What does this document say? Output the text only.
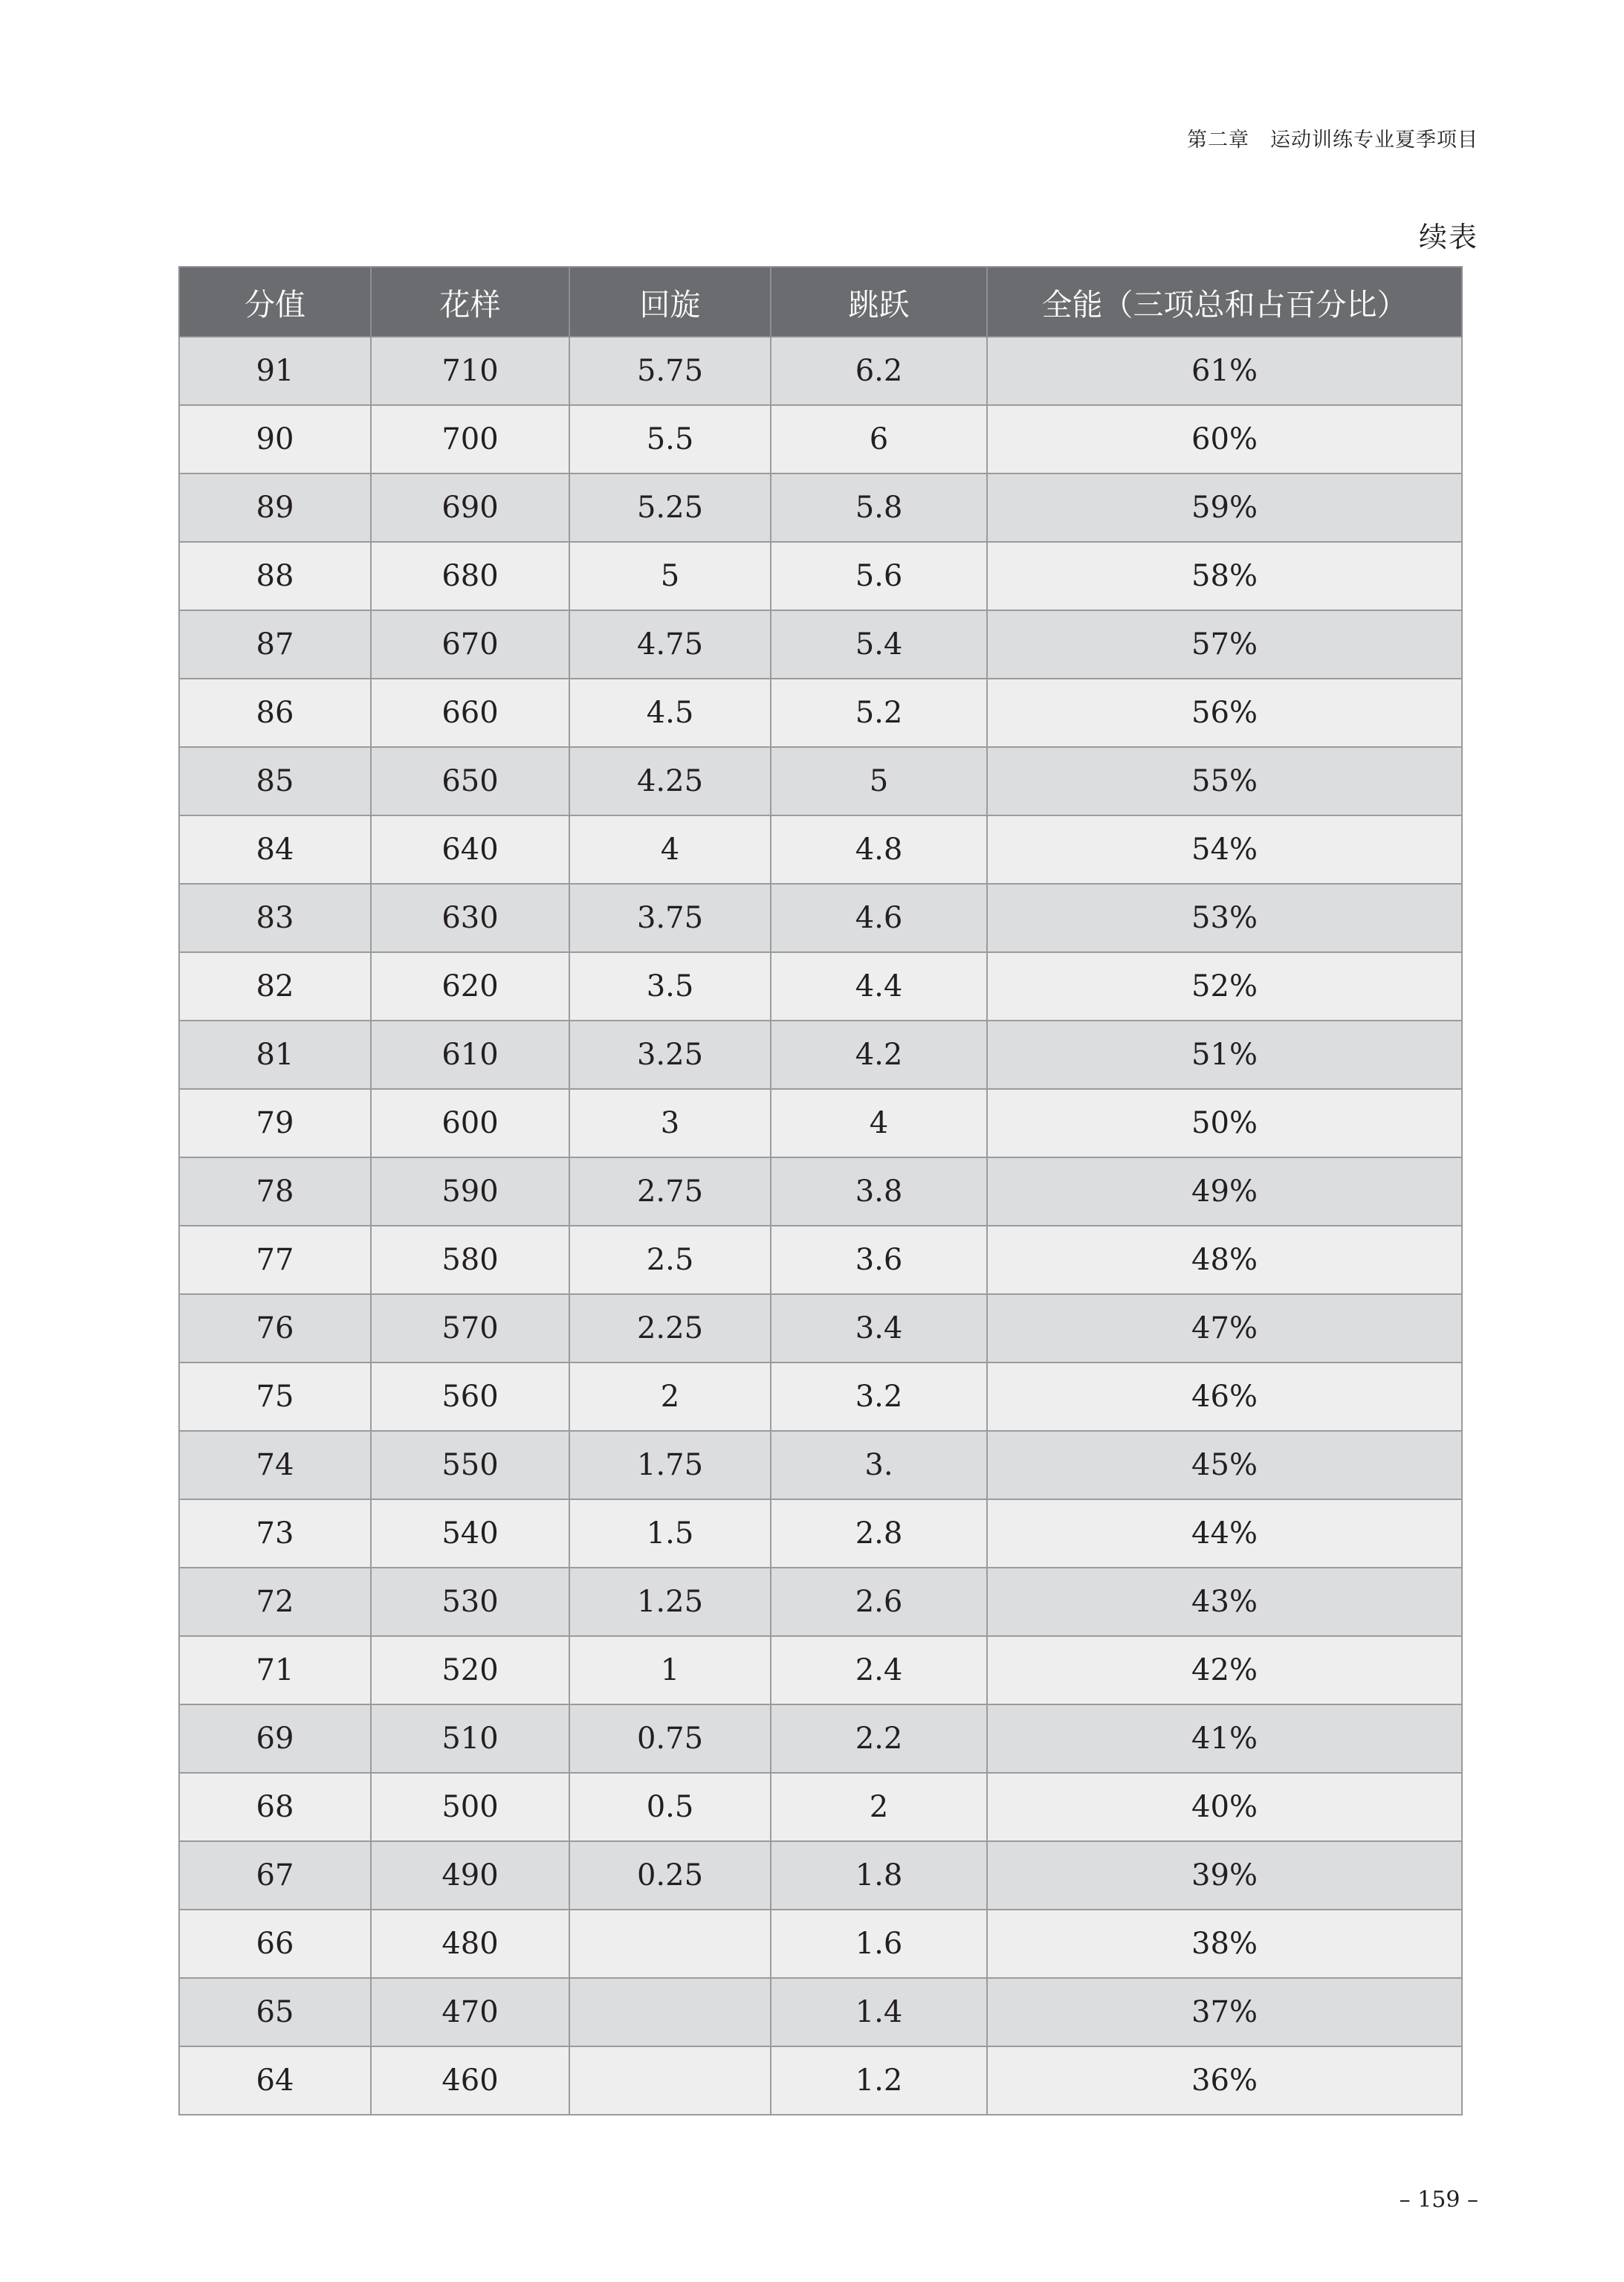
第二章　运动训练专业夏季项目
续表
分值	花样	回旋	跳跃	全能（三项总和占百分比）
91	710	5.75	6.2	61%
90	700	5.5	6	60%
89	690	5.25	5.8	59%
88	680	5	5.6	58%
87	670	4.75	5.4	57%
86	660	4.5	5.2	56%
85	650	4.25	5	55%
84	640	4	4.8	54%
83	630	3.75	4.6	53%
82	620	3.5	4.4	52%
81	610	3.25	4.2	51%
79	600	3	4	50%
78	590	2.75	3.8	49%
77	580	2.5	3.6	48%
76	570	2.25	3.4	47%
75	560	2	3.2	46%
74	550	1.75	3.	45%
73	540	1.5	2.8	44%
72	530	1.25	2.6	43%
71	520	1	2.4	42%
69	510	0.75	2.2	41%
68	500	0.5	2	40%
67	490	0.25	1.8	39%
66	480		1.6	38%
65	470		1.4	37%
64	460		1.2	36%
– 159 –
